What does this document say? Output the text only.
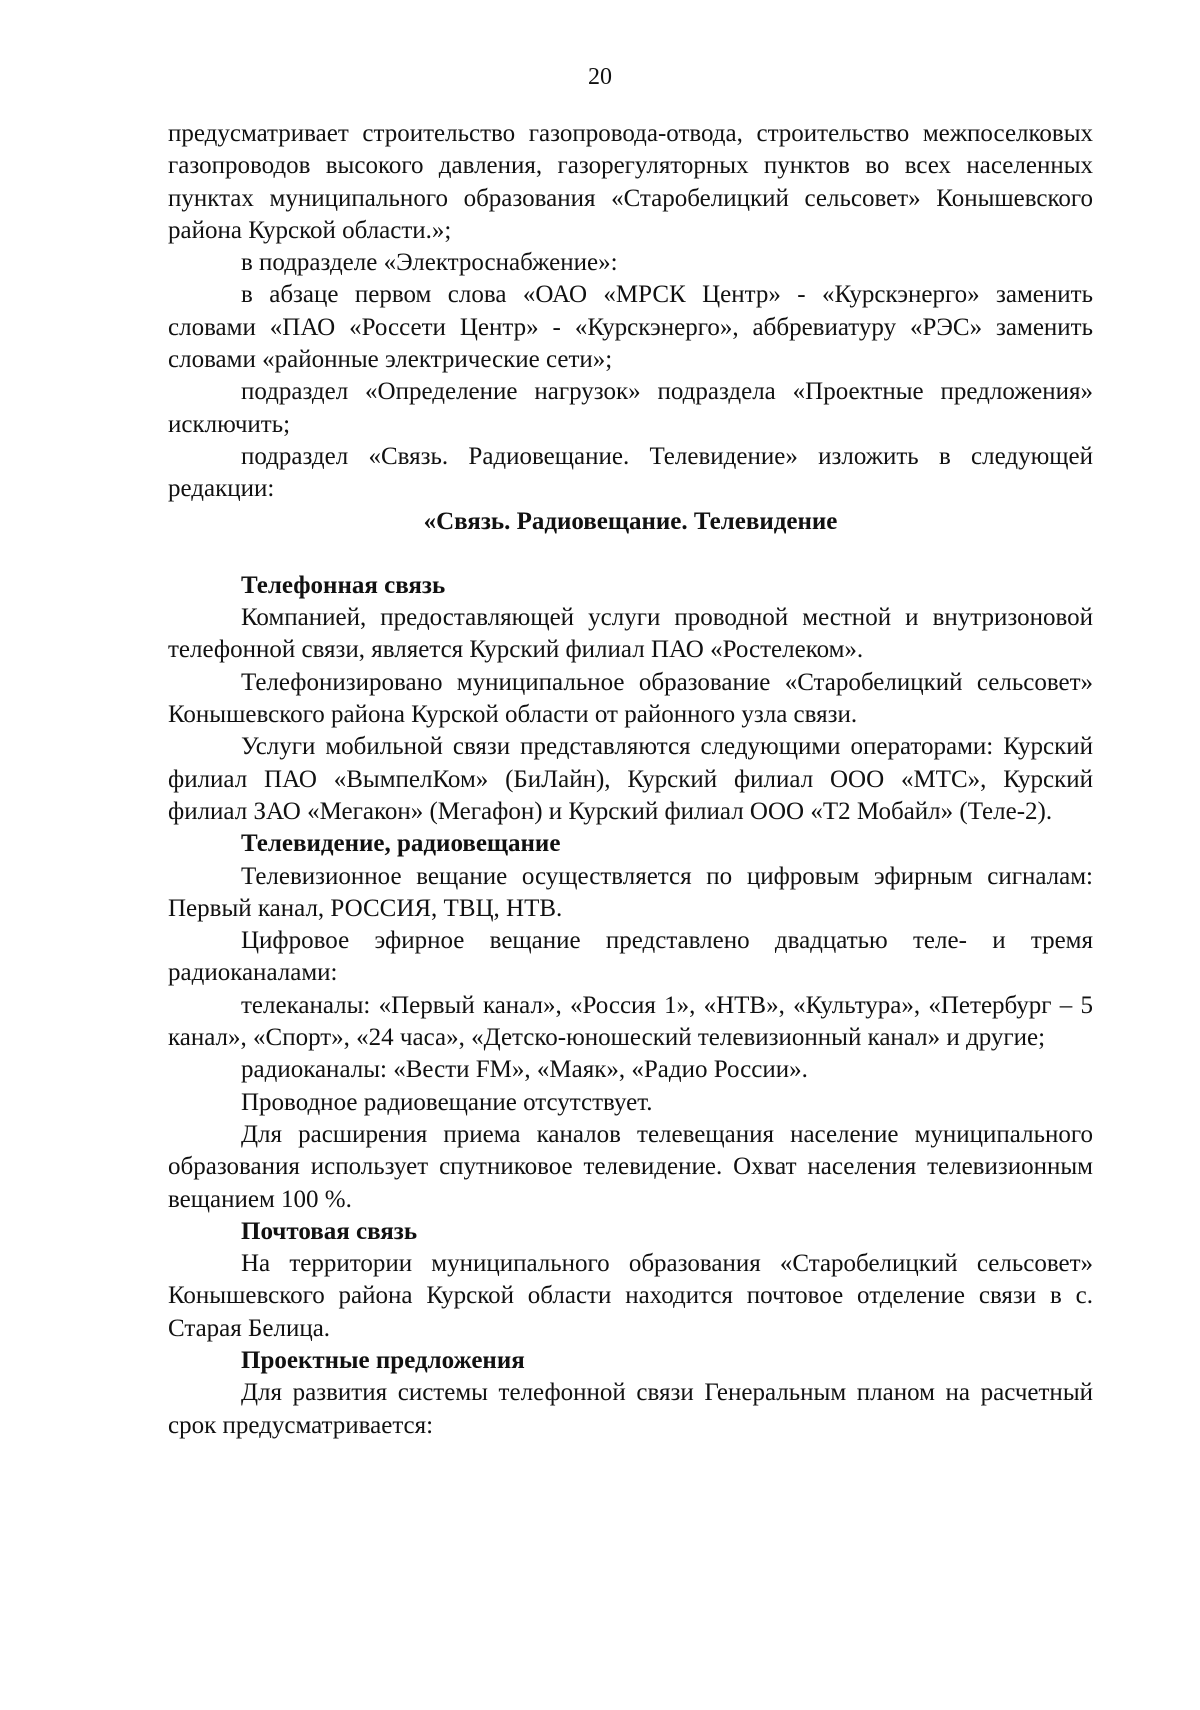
20
предусматривает строительство газопровода-отвода, строительство межпоселковых газопроводов высокого давления, газорегуляторных пунктов во всех населенных пунктах муниципального образования «Старобелицкий сельсовет» Конышевского района Курской области.»;
в подразделе «Электроснабжение»:
в абзаце первом слова «ОАО «МРСК Центр» - «Курскэнерго» заменить словами «ПАО «Россети Центр» - «Курскэнерго», аббревиатуру «РЭС» заменить словами «районные электрические сети»;
подраздел «Определение нагрузок» подраздела «Проектные предложения» исключить;
подраздел «Связь. Радиовещание. Телевидение» изложить в следующей редакции:
«Связь. Радиовещание. Телевидение
Телефонная связь
Компанией, предоставляющей услуги проводной местной и внутризоновой телефонной связи, является Курский филиал ПАО «Ростелеком».
Телефонизировано муниципальное образование «Старобелицкий сельсовет» Конышевского района Курской области от районного узла связи.
Услуги мобильной связи представляются следующими операторами: Курский филиал ПАО «ВымпелКом» (БиЛайн), Курский филиал ООО «МТС», Курский филиал ЗАО «Мегакон» (Мегафон) и Курский филиал ООО «Т2 Мобайл» (Теле-2).
Телевидение, радиовещание
Телевизионное вещание осуществляется по цифровым эфирным сигналам: Первый канал, РОССИЯ, ТВЦ, НТВ.
Цифровое эфирное вещание представлено двадцатью теле- и тремя радиоканалами:
телеканалы: «Первый канал», «Россия 1», «НТВ», «Культура», «Петербург – 5 канал», «Спорт», «24 часа», «Детско-юношеский телевизионный канал» и другие;
радиоканалы: «Вести FM», «Маяк», «Радио России».
Проводное радиовещание отсутствует.
Для расширения приема каналов телевещания население муниципального образования использует спутниковое телевидение. Охват населения телевизионным вещанием 100 %.
Почтовая связь
На территории муниципального образования «Старобелицкий сельсовет» Конышевского района Курской области находится почтовое отделение связи в с. Старая Белица.
Проектные предложения
Для развития системы телефонной связи Генеральным планом на расчетный срок предусматривается:
